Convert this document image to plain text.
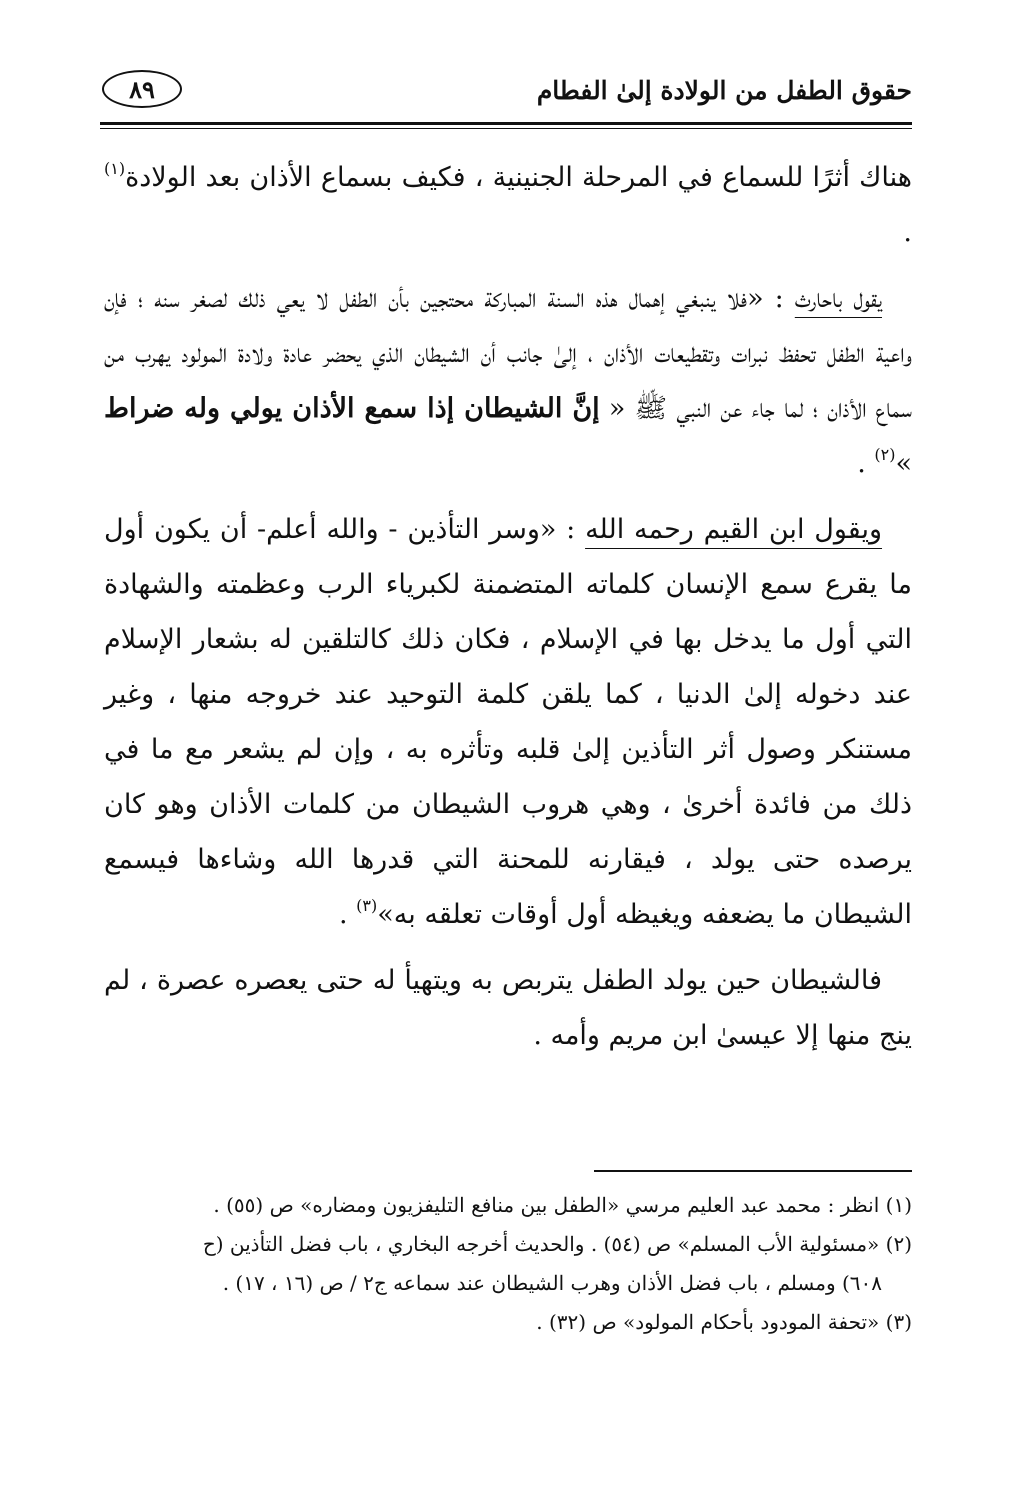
حقوق الطفل من الولادة إلىٰ الفطام
٨٩

هناك أثرًا للسماع في المرحلة الجنينية ، فكيف بسماع الأذان بعد الولادة$^{(١)}$ .

يقول باحارث : «فلا ينبغي إهمال هذه السنة المباركة محتجين بأن الطفل لا يعي ذلك لصغر سنه ؛ فإن واعية الطفل تحفظ نبرات وتقطيعات الأذان ، إلىٰ جانب أن الشيطان الذي يحضر عادة ولادة المولود يهرب من سماع الأذان ؛ لما جاء عن النبي ﷺ « إنَّ الشيطان إذا سمع الأذان يولي وله ضراط »$^{(٢)}$ .

ويقول ابن القيم رحمه الله : «وسر التأذين - والله أعلم- أن يكون أول ما يقرع سمع الإنسان كلماته المتضمنة لكبرياء الرب وعظمته والشهادة التي أول ما يدخل بها في الإسلام ، فكان ذلك كالتلقين له بشعار الإسلام عند دخوله إلىٰ الدنيا ، كما يلقن كلمة التوحيد عند خروجه منها ، وغير مستنكر وصول أثر التأذين إلىٰ قلبه وتأثره به ، وإن لم يشعر مع ما في ذلك من فائدة أخرىٰ ، وهي هروب الشيطان من كلمات الأذان وهو كان يرصده حتى يولد ، فيقارنه للمحنة التي قدرها الله وشاءها فيسمع الشيطان ما يضعفه ويغيظه أول أوقات تعلقه به»$^{(٣)}$ .

فالشيطان حين يولد الطفل يتربص به ويتهيأ له حتى يعصره عصرة ، لم ينج منها إلا عيسىٰ ابن مريم وأمه .

(١) انظر : محمد عبد العليم مرسي «الطفل بين منافع التليفزيون ومضاره» ص (٥٥) .

(٢) «مسئولية الأب المسلم» ص (٥٤) . والحديث أخرجه البخاري ، باب فضل التأذين (ح

٦٠٨) ومسلم ، باب فضل الأذان وهرب الشيطان عند سماعه ج٢ / ص (١٦ ، ١٧) .

(٣) «تحفة المودود بأحكام المولود» ص (٣٢) .
